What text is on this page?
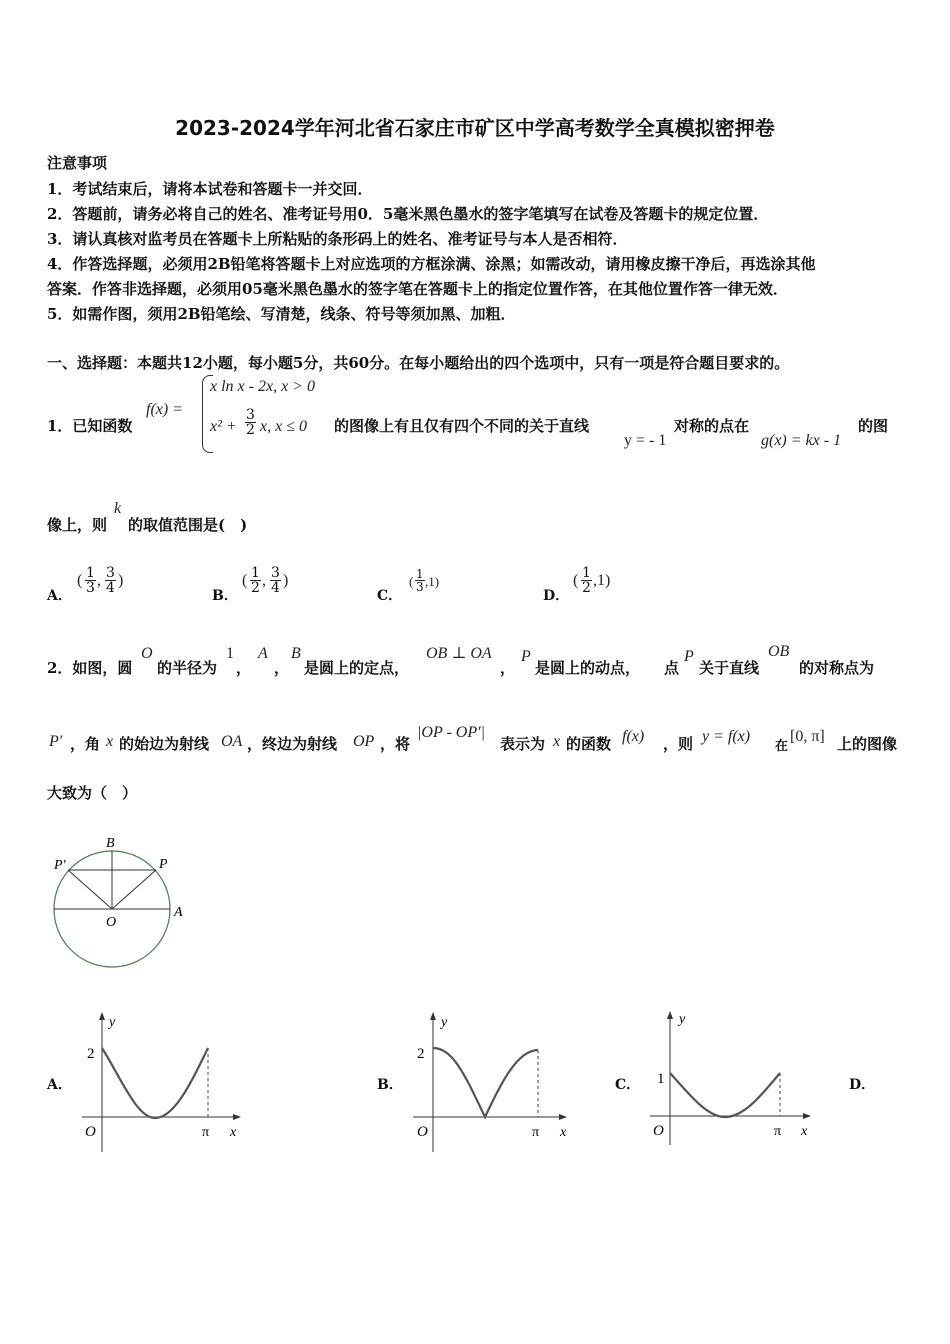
2023-2024学年河北省石家庄市矿区中学高考数学全真模拟密押卷
注意事项
1．考试结束后，请将本试卷和答题卡一并交回．
2．答题前，请务必将自己的姓名、准考证号用0．5毫米黑色墨水的签字笔填写在试卷及答题卡的规定位置．
3．请认真核对监考员在答题卡上所粘贴的条形码上的姓名、准考证号与本人是否相符．
4．作答选择题，必须用2B铅笔将答题卡上对应选项的方框涂满、涂黑；如需改动，请用橡皮擦干净后，再选涂其他
答案．作答非选择题，必须用05毫米黑色墨水的签字笔在答题卡上的指定位置作答，在其他位置作答一律无效．
5．如需作图，须用2B铅笔绘、写清楚，线条、符号等须加黑、加粗．
一、选择题：本题共12小题，每小题5分，共60分。在每小题给出的四个选项中，只有一项是符合题目要求的。
1．已知函数
f(x) =
x ln x - 2x, x > 0
$x^2 + \frac{3}{2} x$, x ≤ 0 的图像上有且仅有四个不同的关于直线
y = - 1
对称的点在
g(x) = kx - 1
的图
像上，则
k
的取值范围是(　)
A．
( $\frac{1}{3}$ , $\frac{3}{4}$ )
B．
( $\frac{1}{2}$ , $\frac{3}{4}$ )
C．
( $\frac{1}{3} ,1$)
D．
( $\frac{1}{2} ,1$)
2．如图，圆
O
的半径为
1
，
A
，
B
是圆上的定点，
OB ⊥ OA
，
P
是圆上的动点， 点
P
关于直线
OB
的对称点为
P′ ，角 x 的始边为射线 OA ，终边为射线 OP ，将
|OP - OP′|
表示为 x 的函数 f(x) ，则 y = f(x)
在
[0, π] 上的图像
大致为（　）
B
P′	P
O
A
A．
y
2
O	π x
B．
y
2
O	π x
C．
y
1
O	π x
D．
